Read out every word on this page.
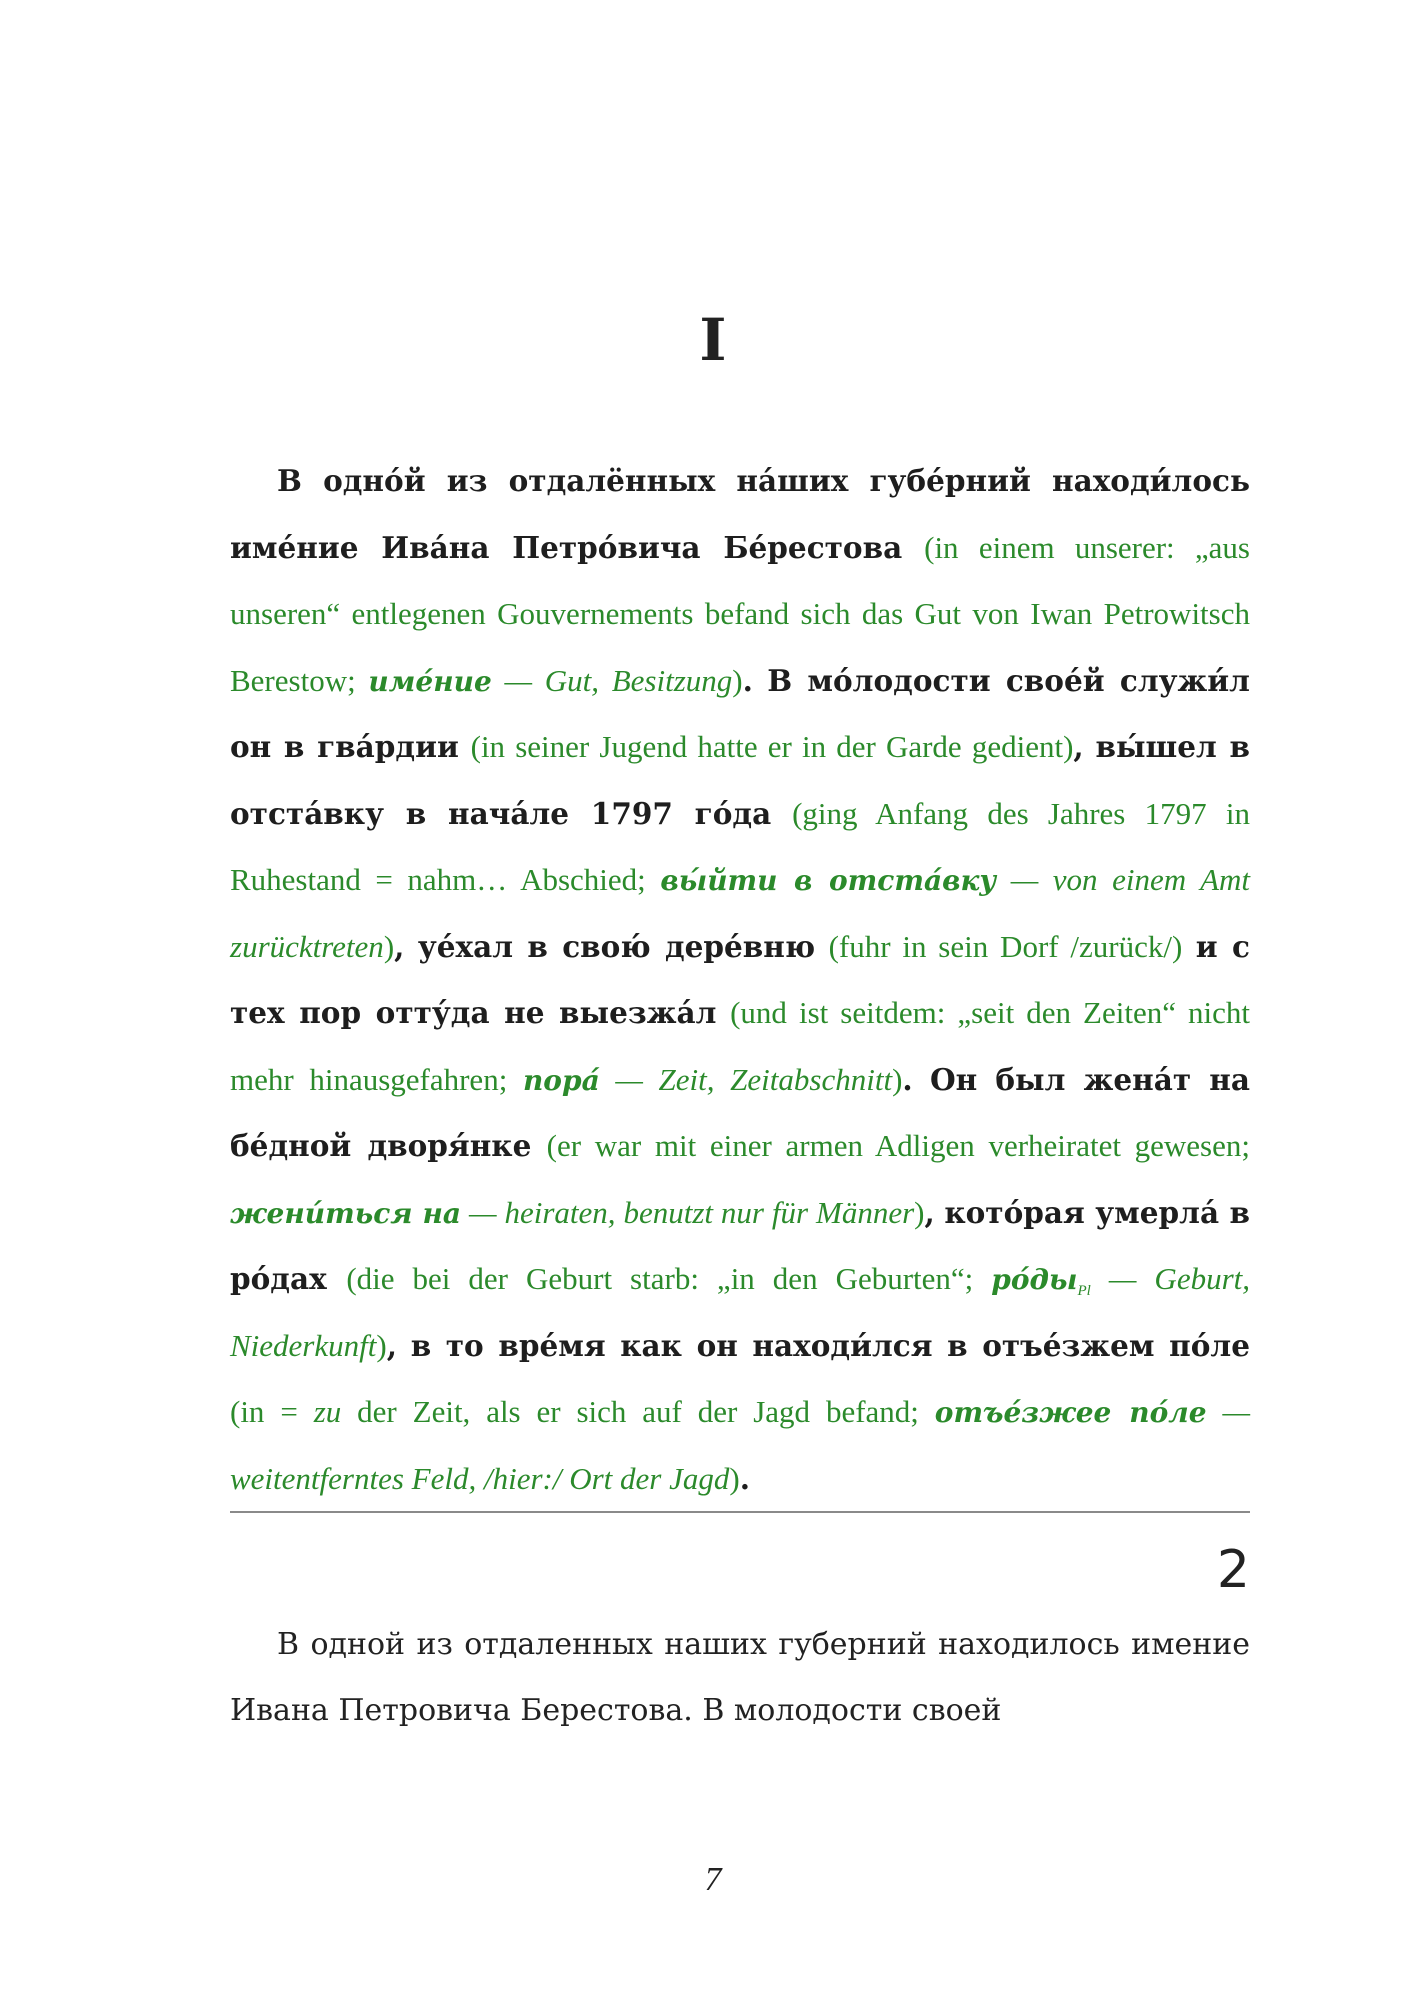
I
В одно́й из отдалённых на́ших губе́рний находи́лось име́ние Ива́на Петро́вича Бе́рестова (in einem unserer: „aus unseren“ entlegenen Gouvernements befand sich das Gut von Iwan Petrowitsch Berestow; име́ние — Gut, Besitzung). В мо́лодости свое́й служи́л он в гва́рдии (in seiner Jugend hatte er in der Garde gedient), вы́шел в отста́вку в нача́ле 1797 го́да (ging Anfang des Jahres 1797 in Ruhestand = nahm… Abschied; вы́йти в отста́вку — von einem Amt zurücktreten), уе́хал в свою́ дере́вню (fuhr in sein Dorf /zurück/) и с тех пор отту́да не выезжа́л (und ist seitdem: „seit den Zeiten“ nicht mehr hinausgefahren; пора́ — Zeit, Zeitabschnitt). Он был жена́т на бе́дной дворя́нке (er war mit einer armen Adligen verheiratet gewesen; жени́ться на — heiraten, benutzt nur für Männer), кото́рая умерла́ в ро́дах (die bei der Geburt starb: „in den Geburten“; $ро́ды_{Pl}$ — Geburt, Niederkunft), в то вре́мя как он находи́лся в отъе́зжем по́ле (in = zu der Zeit, als er sich auf der Jagd befand; отъе́зжее по́ле — weitentferntes Feld, /hier:/ Ort der Jagd).
2
В одной из отдаленных наших губерний находилось имение Ивана Петровича Берестова. В молодости своей
7
